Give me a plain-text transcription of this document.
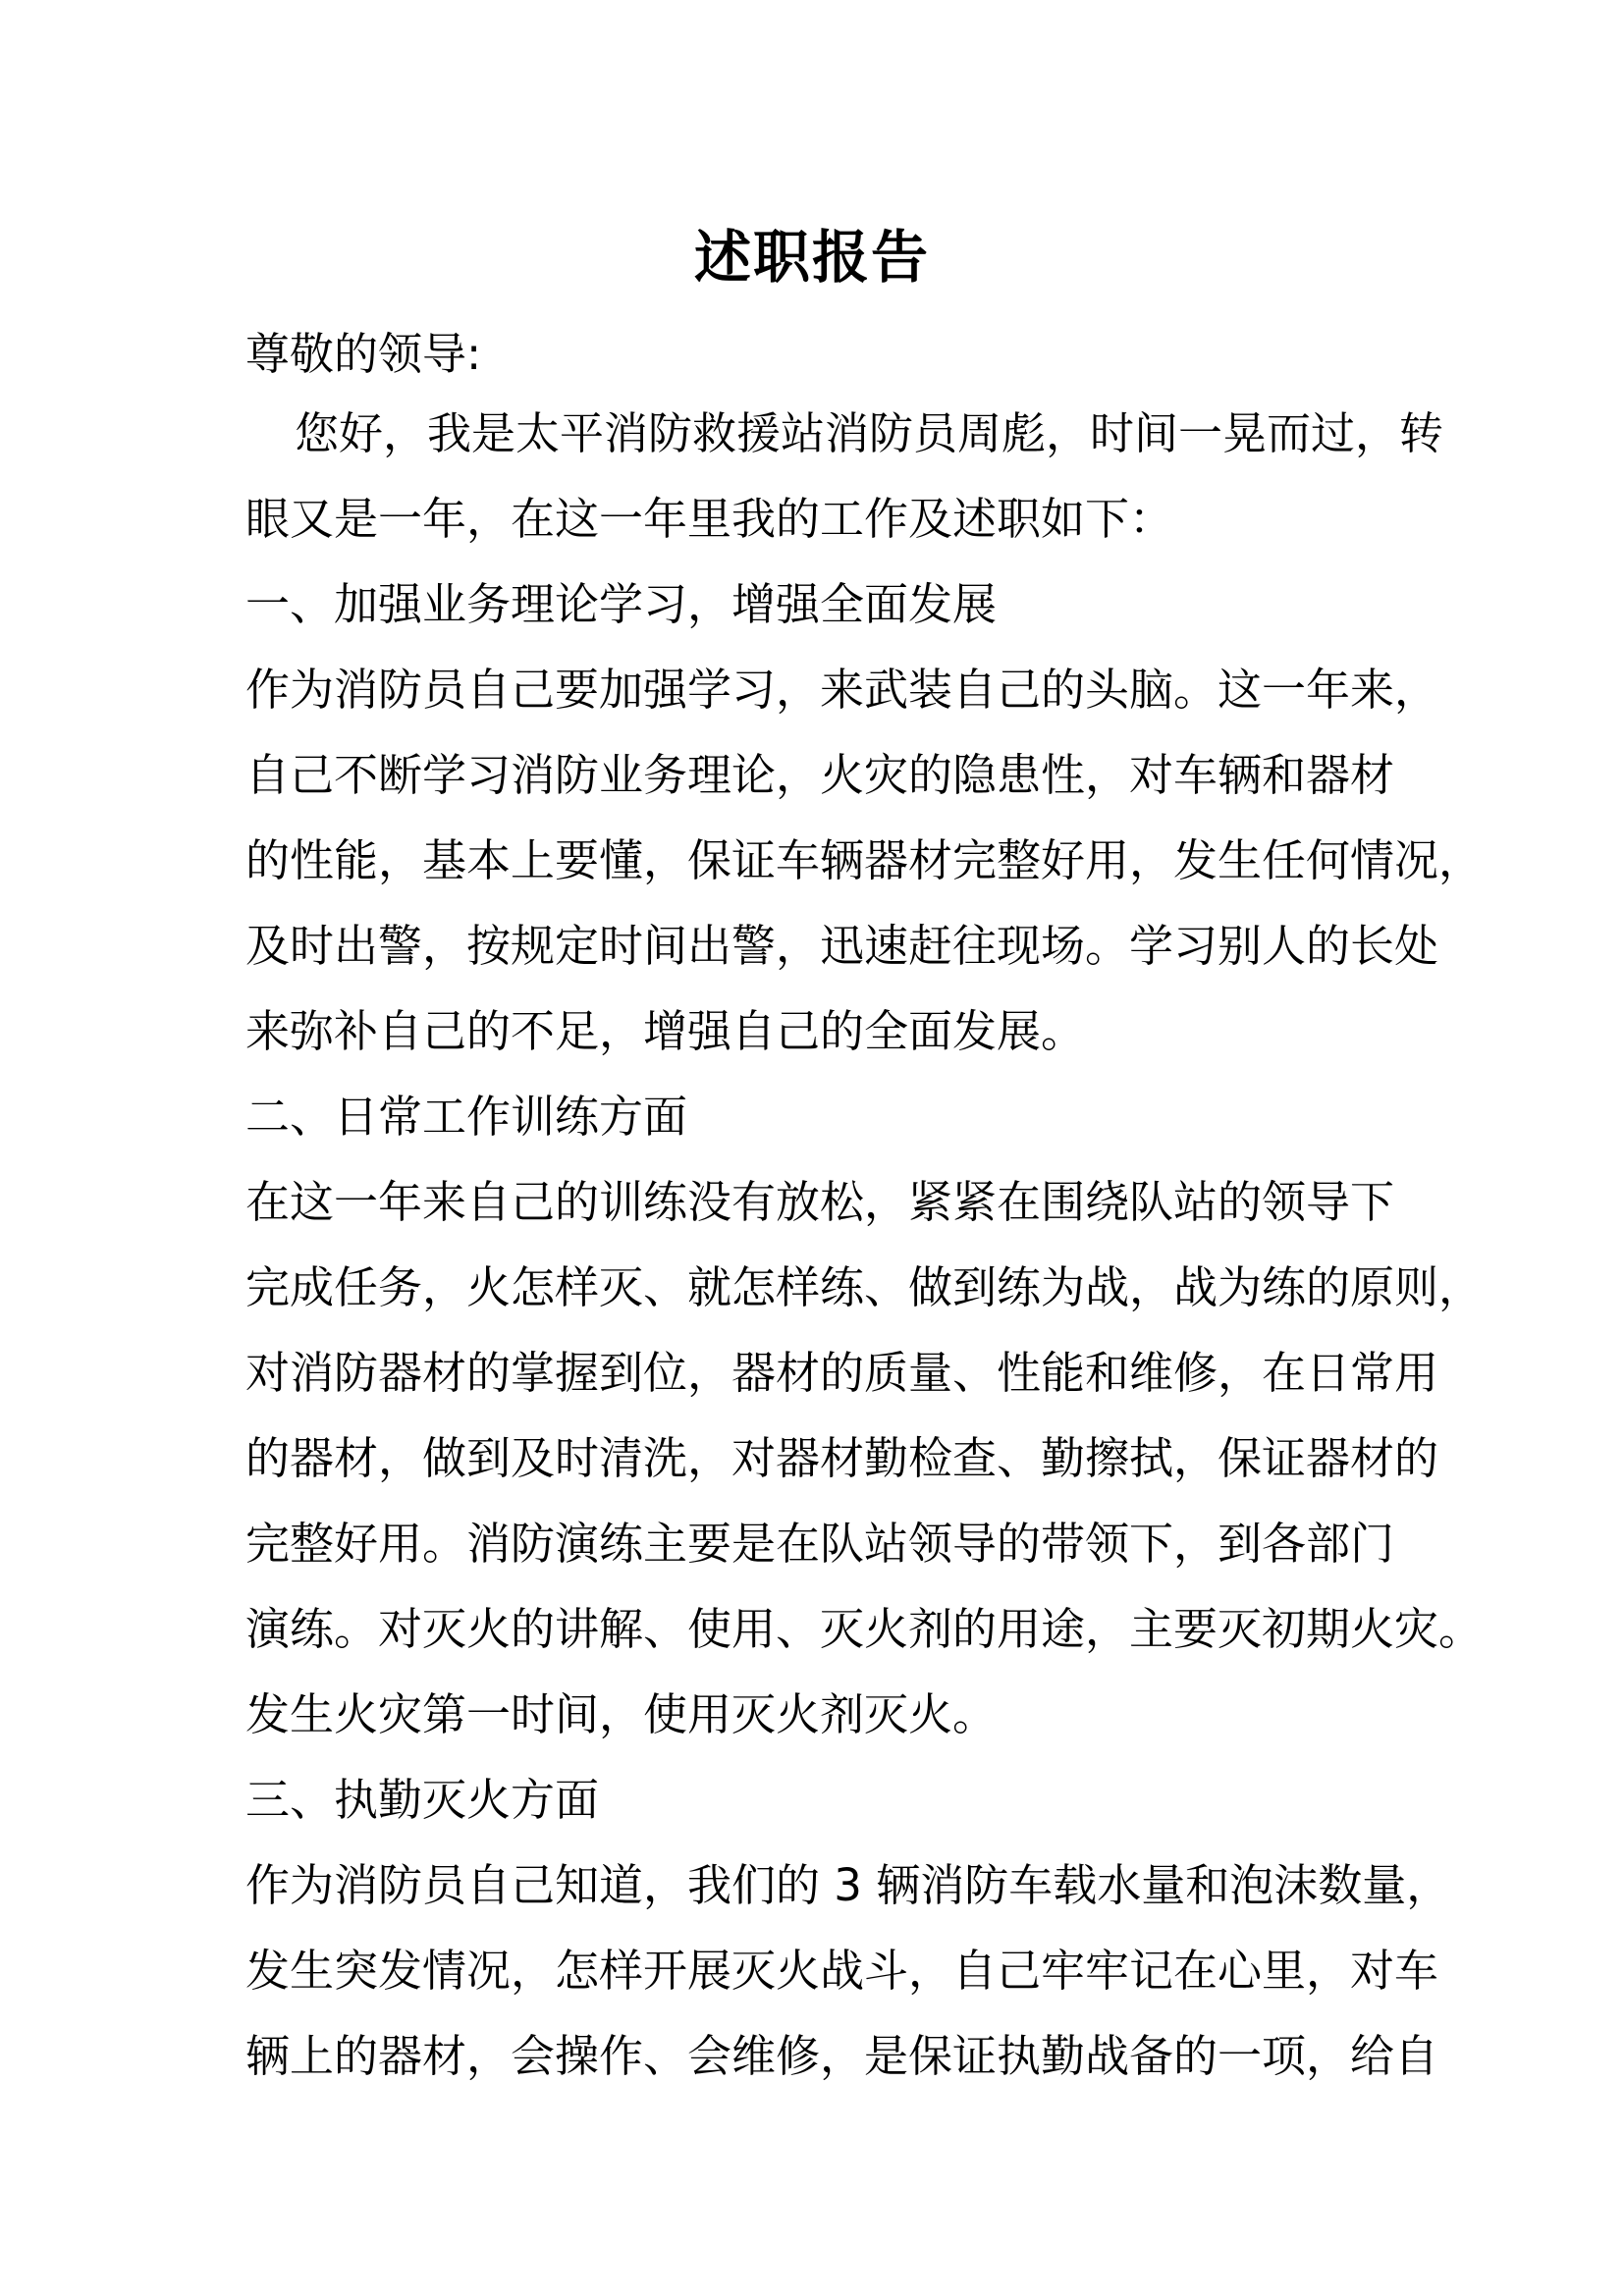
述职报告
尊敬的领导:
您好，我是太平消防救援站消防员周彪，时间一晃而过，转
眼又是一年，在这一年里我的工作及述职如下：
一、加强业务理论学习，增强全面发展
作为消防员自己要加强学习，来武装自己的头脑。这一年来，
自己不断学习消防业务理论，火灾的隐患性，对车辆和器材
的性能，基本上要懂，保证车辆器材完整好用，发生任何情况，
及时出警，按规定时间出警，迅速赶往现场。学习别人的长处
来弥补自己的不足，增强自己的全面发展。
二、日常工作训练方面
在这一年来自己的训练没有放松，紧紧在围绕队站的领导下
完成任务，火怎样灭、就怎样练、做到练为战，战为练的原则，
对消防器材的掌握到位，器材的质量、性能和维修，在日常用
的器材，做到及时清洗，对器材勤检查、勤擦拭，保证器材的
完整好用。消防演练主要是在队站领导的带领下，到各部门
演练。对灭火的讲解、使用、灭火剂的用途，主要灭初期火灾。
发生火灾第一时间，使用灭火剂灭火。
三、执勤灭火方面
作为消防员自己知道，我们的 3 辆消防车载水量和泡沫数量，
发生突发情况，怎样开展灭火战斗，自己牢牢记在心里，对车
辆上的器材，会操作、会维修，是保证执勤战备的一项，给自
